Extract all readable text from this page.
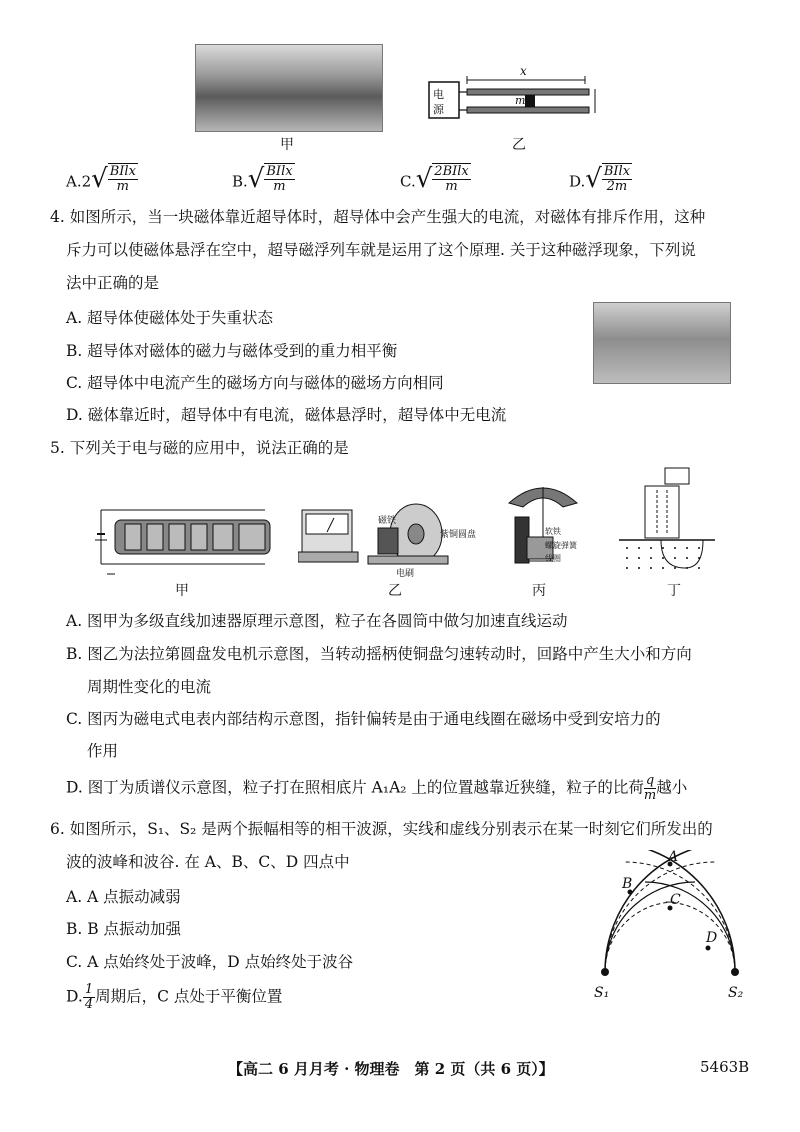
甲
电
源
x
m
乙
A.2 √ $\frac{\text{BIlx}}{m}$	B. √ $\frac{\text{BIlx}}{m}$	C. √ $\frac{\text{2BIlx}}{m}$	D. √ $\frac{\text{BIlx}}{2m}$
4. 如图所示，当一块磁体靠近超导体时，超导体中会产生强大的电流，对磁体有排斥作用，这种
斥力可以使磁体悬浮在空中，超导磁浮列车就是运用了这个原理. 关于这种磁浮现象，下列说
法中正确的是
A. 超导体使磁体处于失重状态
B. 超导体对磁体的磁力与磁体受到的重力相平衡
C. 超导体中电流产生的磁场方向与磁体的磁场方向相同
D. 磁体靠近时，超导体中有电流，磁体悬浮时，超导体中无电流
5. 下列关于电与磁的应用中，说法正确的是
甲
磁铁
紫铜圆盘
电刷
乙
软铁
螺旋弹簧
线圈
丙	丁
A. 图甲为多级直线加速器原理示意图，粒子在各圆筒中做匀加速直线运动
B. 图乙为法拉第圆盘发电机示意图，当转动摇柄使铜盘匀速转动时，回路中产生大小和方向
周期性变化的电流
C. 图丙为磁电式电表内部结构示意图，指针偏转是由于通电线圈在磁场中受到安培力的
作用
D. 图丁为质谱仪示意图，粒子打在照相底片 A₁A₂ 上的位置越靠近狭缝，粒子的比荷 $\frac{q}{m}$ 越小
6. 如图所示，S₁、S₂ 是两个振幅相等的相干波源，实线和虚线分别表示在某一时刻它们所发出的
波的波峰和波谷. 在 A、B、C、D 四点中
A. A 点振动减弱
B. B 点振动加强
C. A 点始终处于波峰，D 点始终处于波谷
D. $\frac{1}{4}$ 周期后，C 点处于平衡位置
A
B
C
D
S₁	S₂
【高二 6 月月考 · 物理卷　第 2 页（共 6 页）】	5463B
